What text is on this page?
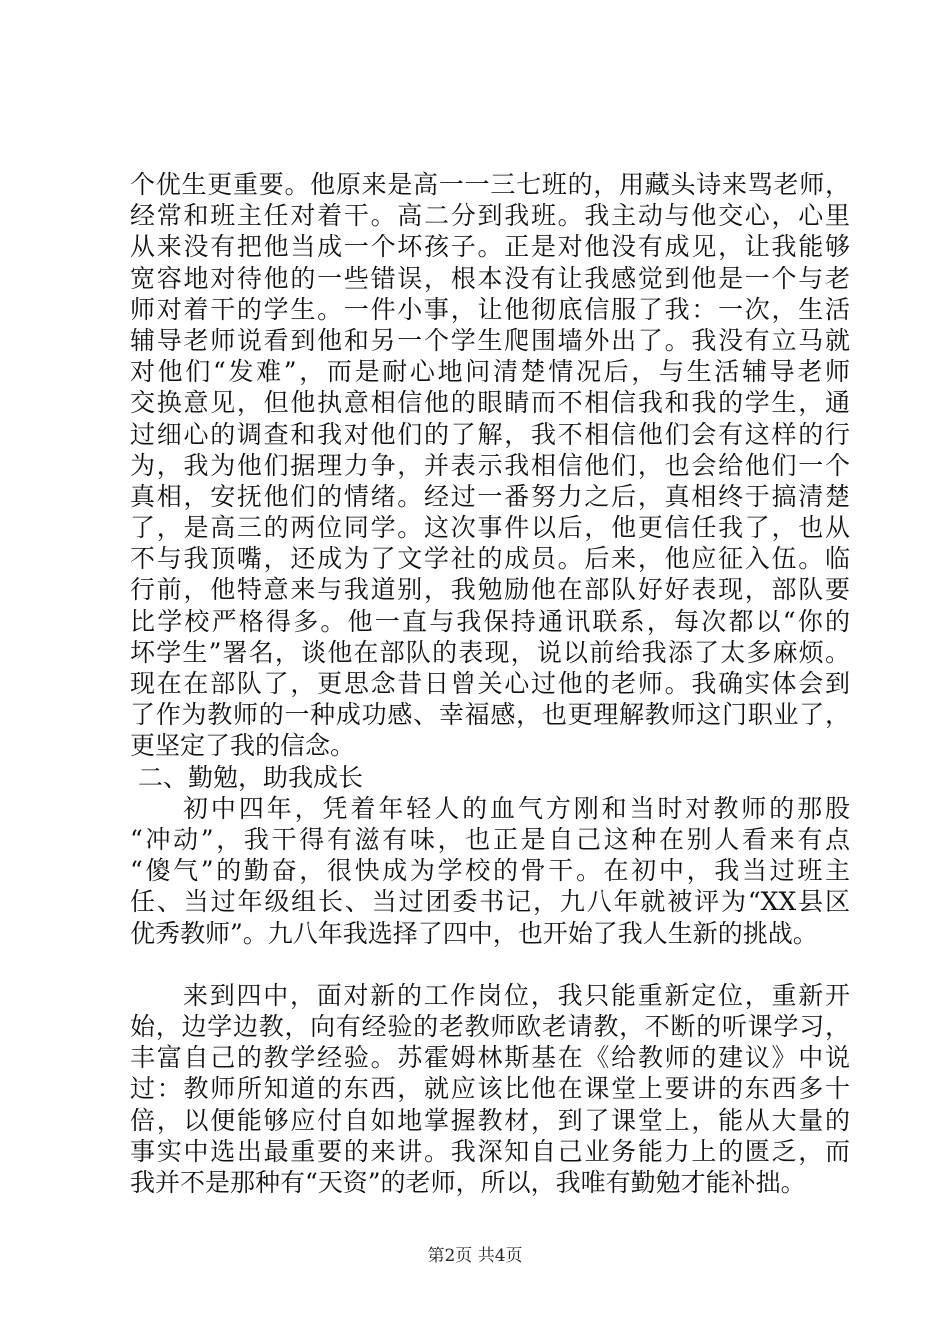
个优生更重要。他原来是高一一三七班的，用藏头诗来骂老师，
经常和班主任对着干。高二分到我班。我主动与他交心，心里
从来没有把他当成一个坏孩子。正是对他没有成见，让我能够
宽容地对待他的一些错误，根本没有让我感觉到他是一个与老
师对着干的学生。一件小事，让他彻底信服了我：一次，生活
辅导老师说看到他和另一个学生爬围墙外出了。我没有立马就
对他们“发难”，而是耐心地问清楚情况后，与生活辅导老师
交换意见，但他执意相信他的眼睛而不相信我和我的学生，通
过细心的调查和我对他们的了解，我不相信他们会有这样的行
为，我为他们据理力争，并表示我相信他们，也会给他们一个
真相，安抚他们的情绪。经过一番努力之后，真相终于搞清楚
了，是高三的两位同学。这次事件以后，他更信任我了，也从
不与我顶嘴，还成为了文学社的成员。后来，他应征入伍。临
行前，他特意来与我道别，我勉励他在部队好好表现，部队要
比学校严格得多。他一直与我保持通讯联系，每次都以“你的
坏学生”署名，谈他在部队的表现，说以前给我添了太多麻烦。
现在在部队了，更思念昔日曾关心过他的老师。我确实体会到
了作为教师的一种成功感、幸福感，也更理解教师这门职业了，
更坚定了我的信念。
二、勤勉，助我成长
初中四年，凭着年轻人的血气方刚和当时对教师的那股
“冲动”，我干得有滋有味，也正是自己这种在别人看来有点
“傻气”的勤奋，很快成为学校的骨干。在初中，我当过班主
任、当过年级组长、当过团委书记，九八年就被评为“XX县区
优秀教师”。九八年我选择了四中，也开始了我人生新的挑战。
来到四中，面对新的工作岗位，我只能重新定位，重新开
始，边学边教，向有经验的老教师欧老请教，不断的听课学习，
丰富自己的教学经验。苏霍姆林斯基在《给教师的建议》中说
过：教师所知道的东西，就应该比他在课堂上要讲的东西多十
倍，以便能够应付自如地掌握教材，到了课堂上，能从大量的
事实中选出最重要的来讲。我深知自己业务能力上的匮乏，而
我并不是那种有“天资”的老师，所以，我唯有勤勉才能补拙。
第2页 共4页
